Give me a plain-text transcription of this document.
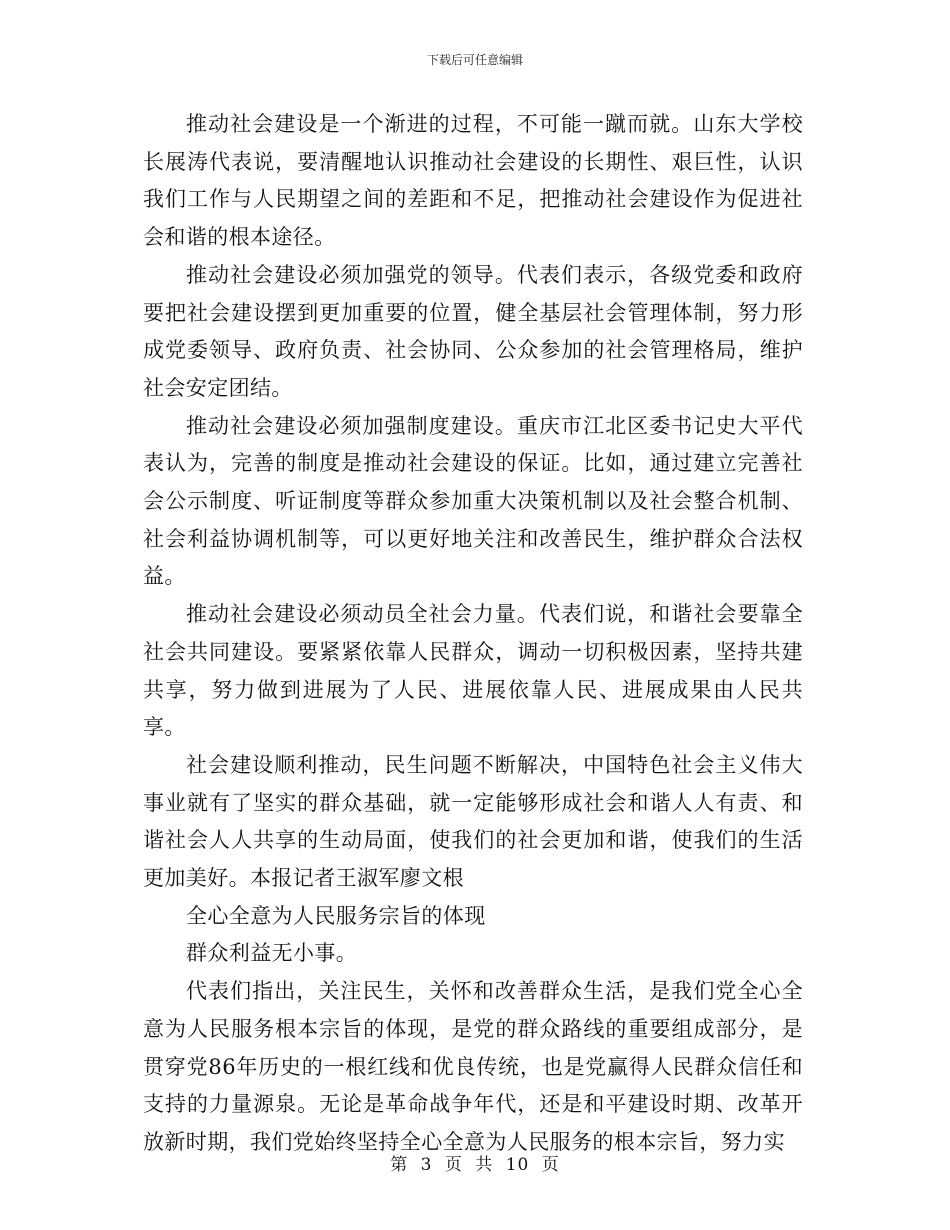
下载后可任意编辑

推动社会建设是一个渐进的过程，不可能一蹴而就。山东大学校长展涛代表说，要清醒地认识推动社会建设的长期性、艰巨性，认识我们工作与人民期望之间的差距和不足，把推动社会建设作为促进社会和谐的根本途径。

推动社会建设必须加强党的领导。代表们表示，各级党委和政府要把社会建设摆到更加重要的位置，健全基层社会管理体制，努力形成党委领导、政府负责、社会协同、公众参加的社会管理格局，维护社会安定团结。

推动社会建设必须加强制度建设。重庆市江北区委书记史大平代表认为，完善的制度是推动社会建设的保证。比如，通过建立完善社会公示制度、听证制度等群众参加重大决策机制以及社会整合机制、社会利益协调机制等，可以更好地关注和改善民生，维护群众合法权益。

推动社会建设必须动员全社会力量。代表们说，和谐社会要靠全社会共同建设。要紧紧依靠人民群众，调动一切积极因素，坚持共建共享，努力做到进展为了人民、进展依靠人民、进展成果由人民共享。

社会建设顺利推动，民生问题不断解决，中国特色社会主义伟大事业就有了坚实的群众基础，就一定能够形成社会和谐人人有责、和谐社会人人共享的生动局面，使我们的社会更加和谐，使我们的生活更加美好。本报记者王淑军廖文根

全心全意为人民服务宗旨的体现

群众利益无小事。

代表们指出，关注民生，关怀和改善群众生活，是我们党全心全意为人民服务根本宗旨的体现，是党的群众路线的重要组成部分，是贯穿党86年历史的一根红线和优良传统，也是党赢得人民群众信任和支持的力量源泉。无论是革命战争年代，还是和平建设时期、改革开放新时期，我们党始终坚持全心全意为人民服务的根本宗旨，努力实

第 3 页 共 10 页
